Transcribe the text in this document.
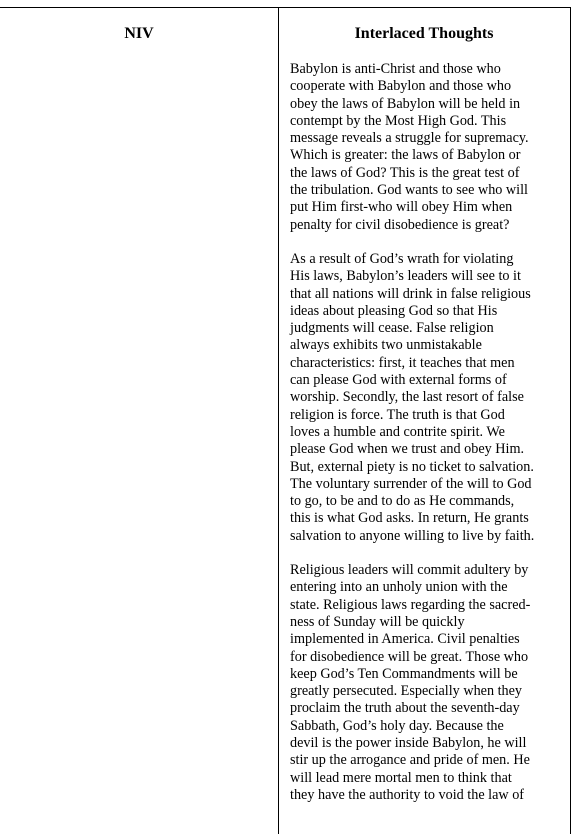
NIV	Interlaced Thoughts

Babylon is anti-Christ and those who
cooperate with Babylon and those who
obey the laws of Babylon will be held in
contempt by the Most High God. This
message reveals a struggle for supremacy.
Which is greater: the laws of Babylon or
the laws of God? This is the great test of
the tribulation. God wants to see who will
put Him first-who will obey Him when
penalty for civil disobedience is great?

As a result of God’s wrath for violating
His laws, Babylon’s leaders will see to it
that all nations will drink in false religious
ideas about pleasing God so that His
judgments will cease. False religion
always exhibits two unmistakable
characteristics: first, it teaches that men
can please God with external forms of
worship. Secondly, the last resort of false
religion is force. The truth is that God
loves a humble and contrite spirit. We
please God when we trust and obey Him.
But, external piety is no ticket to salvation.
The voluntary surrender of the will to God
to go, to be and to do as He commands,
this is what God asks. In return, He grants
salvation to anyone willing to live by faith.

Religious leaders will commit adultery by
entering into an unholy union with the
state. Religious laws regarding the sacred-
ness of Sunday will be quickly
implemented in America. Civil penalties
for disobedience will be great. Those who
keep God’s Ten Commandments will be
greatly persecuted. Especially when they
proclaim the truth about the seventh-day
Sabbath, God’s holy day. Because the
devil is the power inside Babylon, he will
stir up the arrogance and pride of men. He
will lead mere mortal men to think that
they have the authority to void the law of
